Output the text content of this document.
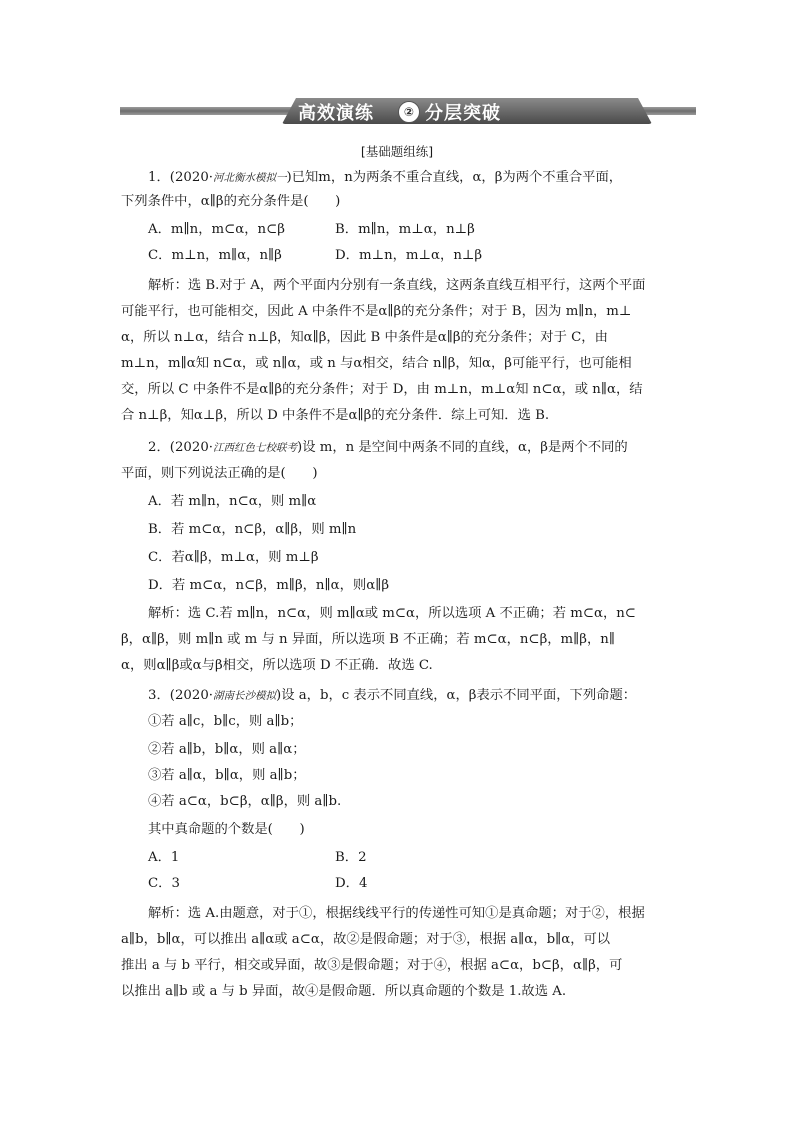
高效演练	② 分层突破
[基础题组练]
1．(2020·河北衡水模拟一)已知m，n为两条不重合直线，α，β为两个不重合平面，
下列条件中，α∥β的充分条件是(　　)
A．m∥n，m⊂α，n⊂β	B．m∥n，m⊥α，n⊥β
C．m⊥n，m∥α，n∥β	D．m⊥n，m⊥α，n⊥β
解析：选 B.对于 A，两个平面内分别有一条直线，这两条直线互相平行，这两个平面
可能平行，也可能相交，因此 A 中条件不是α∥β的充分条件；对于 B，因为 m∥n，m⊥
α，所以 n⊥α，结合 n⊥β，知α∥β，因此 B 中条件是α∥β的充分条件；对于 C，由
m⊥n，m∥α知 n⊂α，或 n∥α，或 n 与α相交，结合 n∥β，知α，β可能平行，也可能相
交，所以 C 中条件不是α∥β的充分条件；对于 D，由 m⊥n，m⊥α知 n⊂α，或 n∥α，结
合 n⊥β，知α⊥β，所以 D 中条件不是α∥β的充分条件．综上可知．选 B.
2．(2020·江西红色七校联考)设 m，n 是空间中两条不同的直线，α，β是两个不同的
平面，则下列说法正确的是(　　)
A．若 m∥n，n⊂α，则 m∥α
B．若 m⊂α，n⊂β，α∥β，则 m∥n
C．若α∥β，m⊥α，则 m⊥β
D．若 m⊂α，n⊂β，m∥β，n∥α，则α∥β
解析：选 C.若 m∥n，n⊂α，则 m∥α或 m⊂α，所以选项 A 不正确；若 m⊂α，n⊂
β，α∥β，则 m∥n 或 m 与 n 异面，所以选项 B 不正确；若 m⊂α，n⊂β，m∥β，n∥
α，则α∥β或α与β相交，所以选项 D 不正确．故选 C.
3．(2020·湖南长沙模拟)设 a，b，c 表示不同直线，α，β表示不同平面，下列命题：
①若 a∥c，b∥c，则 a∥b；
②若 a∥b，b∥α，则 a∥α；
③若 a∥α，b∥α，则 a∥b；
④若 a⊂α，b⊂β，α∥β，则 a∥b.
其中真命题的个数是(　　)
A．1	B．2
C．3	D．4
解析：选 A.由题意，对于①，根据线线平行的传递性可知①是真命题；对于②，根据
a∥b，b∥α，可以推出 a∥α或 a⊂α，故②是假命题；对于③，根据 a∥α，b∥α，可以
推出 a 与 b 平行，相交或异面，故③是假命题；对于④，根据 a⊂α，b⊂β，α∥β，可
以推出 a∥b 或 a 与 b 异面，故④是假命题．所以真命题的个数是 1.故选 A.
